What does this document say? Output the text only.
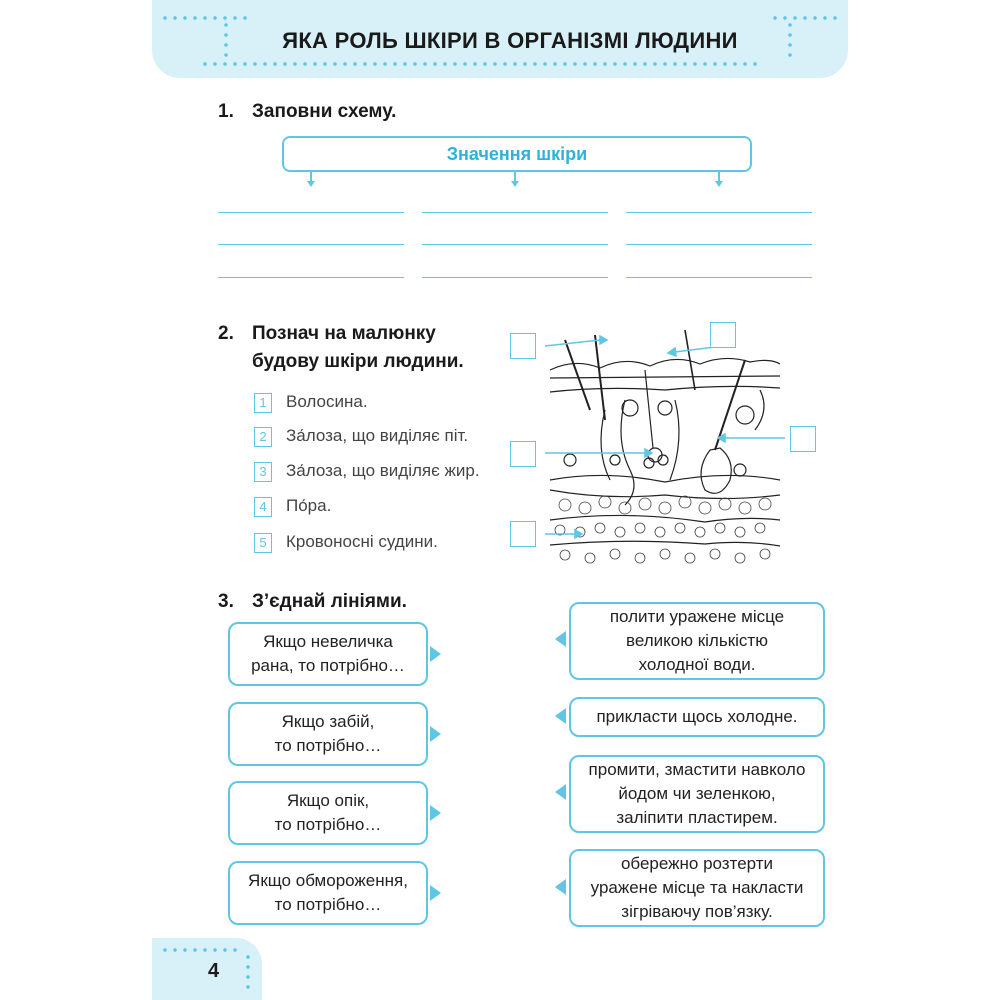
ЯКА РОЛЬ ШКІРИ В ОРГАНІЗМІ ЛЮДИНИ
1. Заповни схему.
Значення шкіри
2. Познач на малюнку
будову шкіри людини.
1 Волосина.
2 За́лоза, що виділяє піт.
3 За́лоза, що виділяє жир.
4 По́ра.
5 Кровоносні судини.
3. З’єднай лініями.
Якщо невеличка
рана, то потрібно…
Якщо забій,
то потрібно…
Якщо опік,
то потрібно…
Якщо обмороження,
то потрібно…
полити уражене місце
великою кількістю
холодної води.
прикласти щось холодне.
промити, змастити навколо
йодом чи зеленкою,
заліпити пластирем.
обережно розтерти
уражене місце та накласти
зігріваючу пов’язку.
4
